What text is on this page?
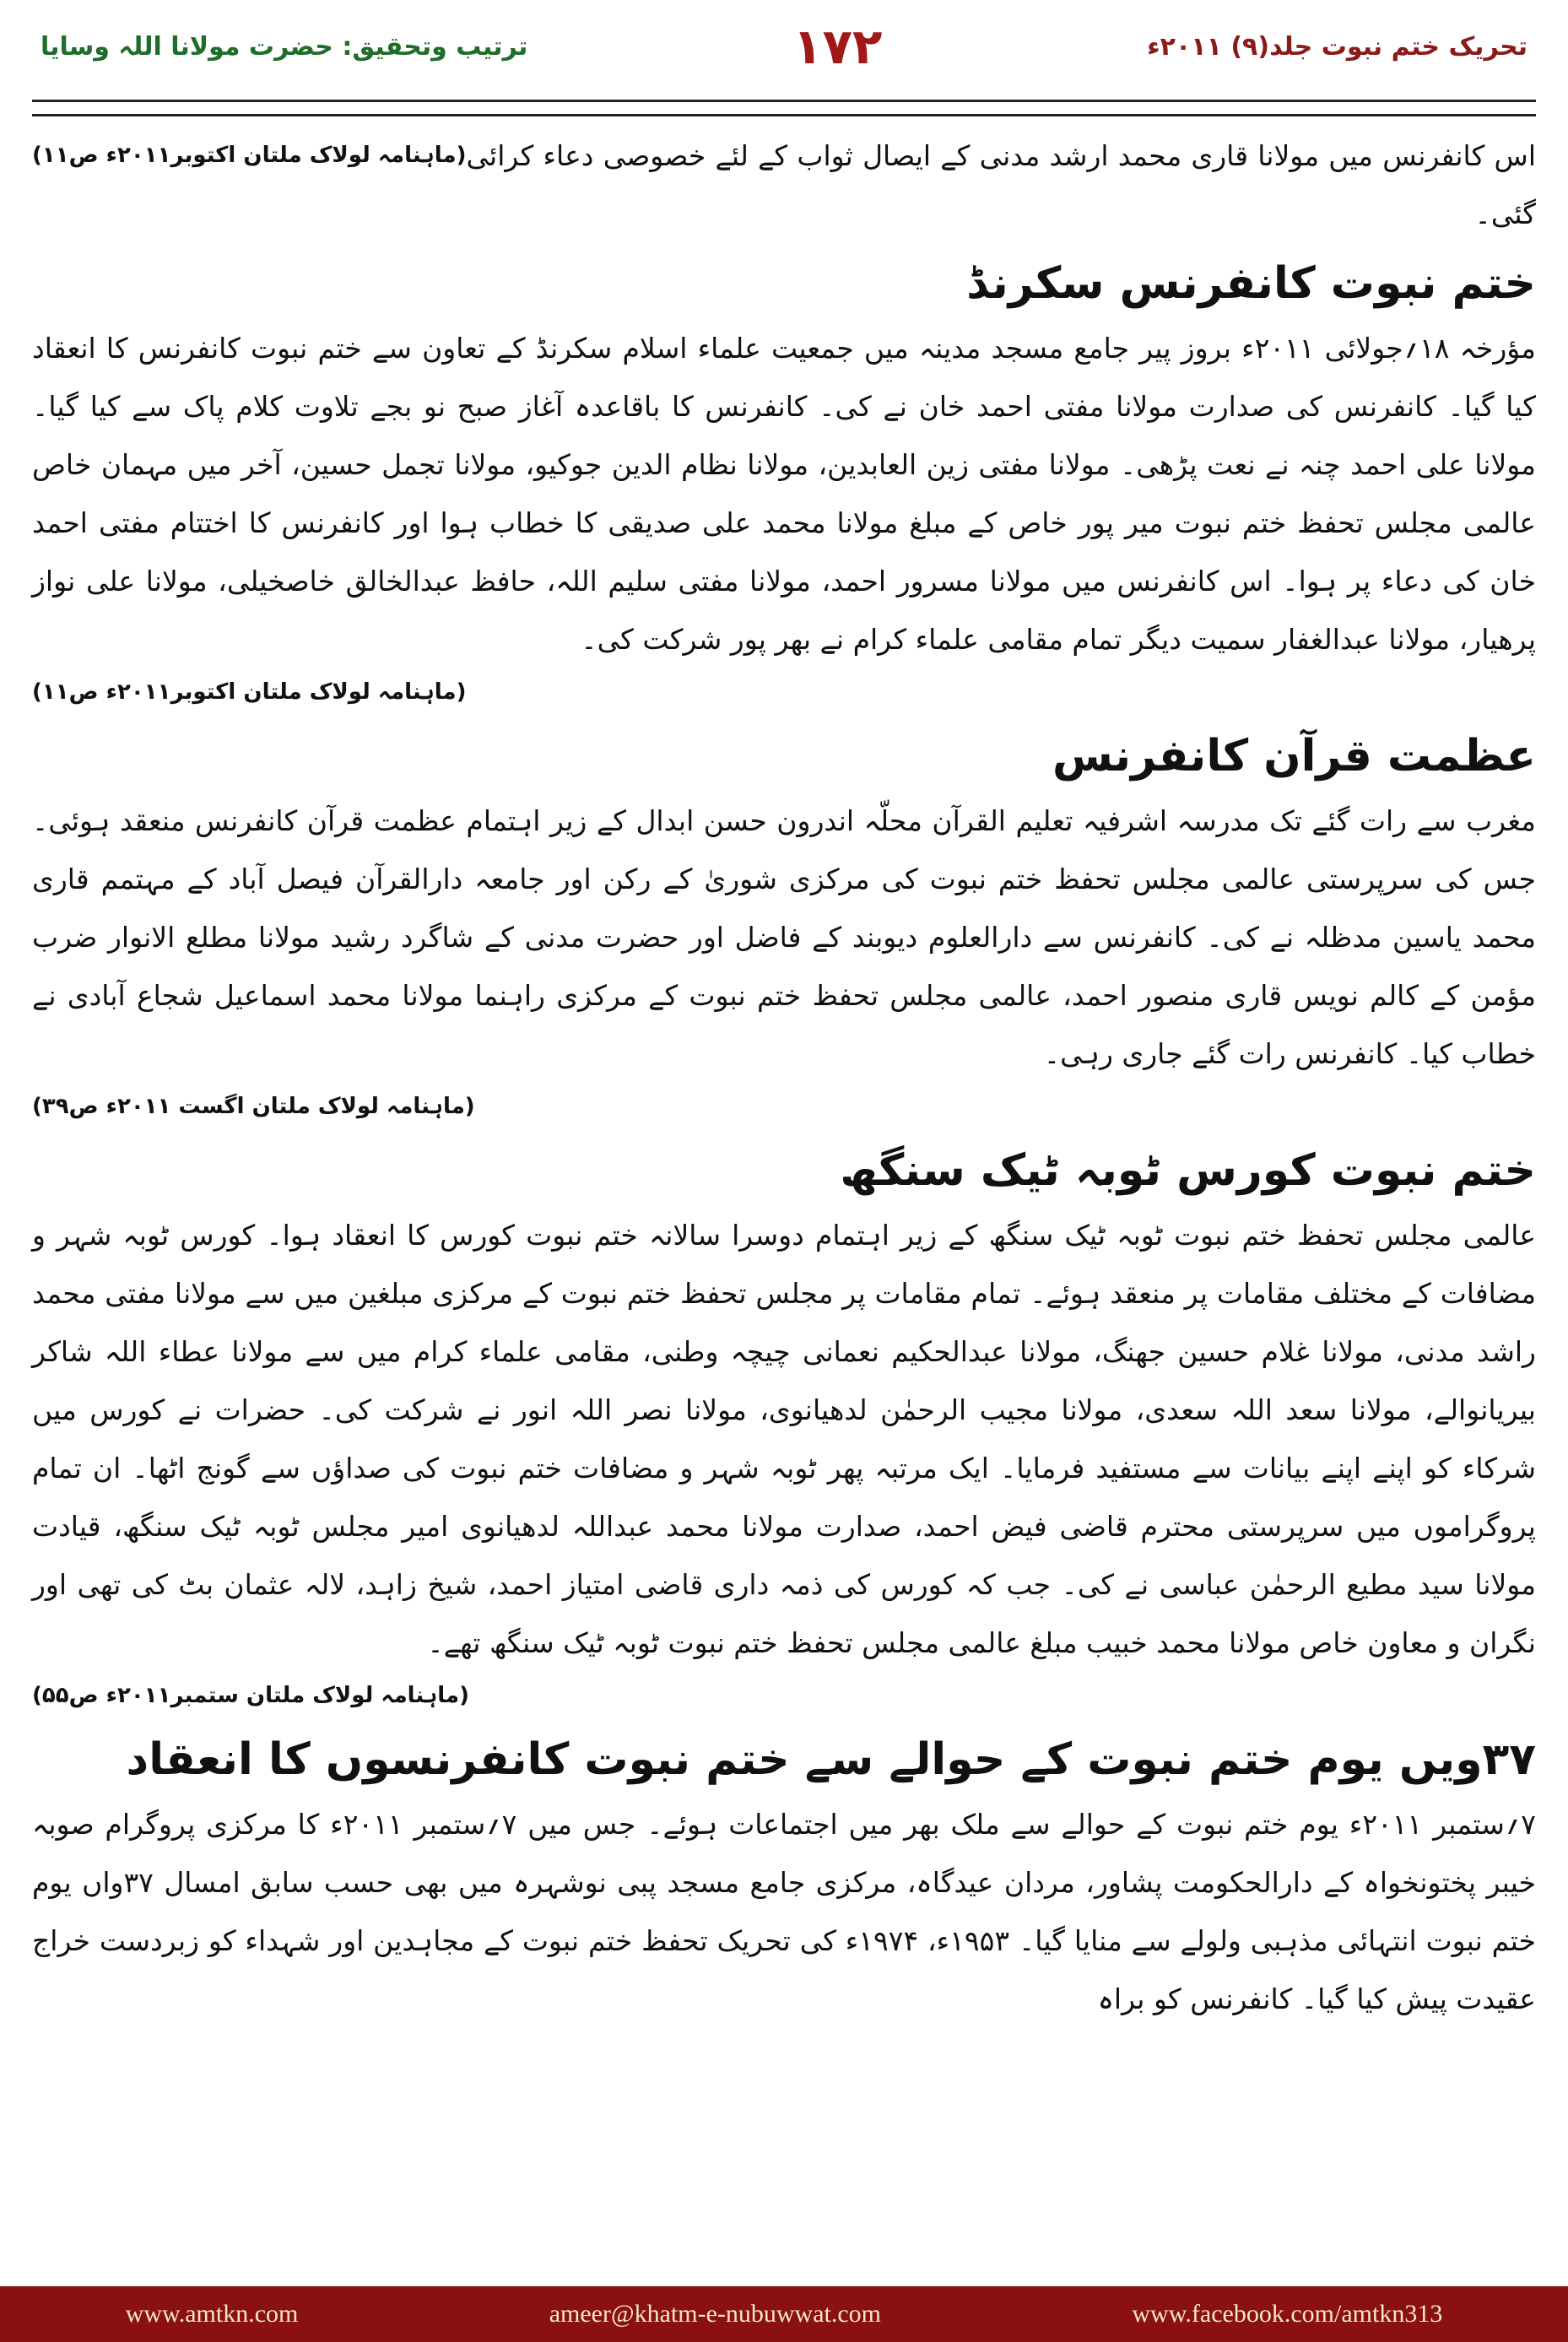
تحریک ختم نبوت جلد(۹) ۲۰۱۱ء
۱۷۲
ترتیب وتحقیق: حضرت مولانا اللہ وسایا

(ماہنامہ لولاک ملتان اکتوبر۲۰۱۱ء ص۱۱) اس کانفرنس میں مولانا قاری محمد ارشد مدنی کے ایصال ثواب کے لئے خصوصی دعاء کرائی گئی۔

ختم نبوت کانفرنس سکرنڈ

مؤرخہ ۱۸؍جولائی ۲۰۱۱ء بروز پیر جامع مسجد مدینہ میں جمعیت علماء اسلام سکرنڈ کے تعاون سے ختم نبوت کانفرنس کا انعقاد کیا گیا۔ کانفرنس کی صدارت مولانا مفتی احمد خان نے کی۔ کانفرنس کا باقاعدہ آغاز صبح نو بجے تلاوت کلام پاک سے کیا گیا۔ مولانا علی احمد چنہ نے نعت پڑھی۔ مولانا مفتی زین العابدین، مولانا نظام الدین جوکیو، مولانا تجمل حسین، آخر میں مہمان خاص عالمی مجلس تحفظ ختم نبوت میر پور خاص کے مبلغ مولانا محمد علی صدیقی کا خطاب ہوا اور کانفرنس کا اختتام مفتی احمد خان کی دعاء پر ہوا۔ اس کانفرنس میں مولانا مسرور احمد، مولانا مفتی سلیم اللہ، حافظ عبدالخالق خاصخیلی، مولانا علی نواز پرھیار، مولانا عبدالغفار سمیت دیگر تمام مقامی علماء کرام نے بھر پور شرکت کی۔

(ماہنامہ لولاک ملتان اکتوبر۲۰۱۱ء ص۱۱)

عظمت قرآن کانفرنس

مغرب سے رات گئے تک مدرسہ اشرفیہ تعلیم القرآن محلّہ اندرون حسن ابدال کے زیر اہتمام عظمت قرآن کانفرنس منعقد ہوئی۔ جس کی سرپرستی عالمی مجلس تحفظ ختم نبوت کی مرکزی شوریٰ کے رکن اور جامعہ دارالقرآن فیصل آباد کے مہتمم قاری محمد یاسین مدظلہ نے کی۔ کانفرنس سے دارالعلوم دیوبند کے فاضل اور حضرت مدنی کے شاگرد رشید مولانا مطلع الانوار ضرب مؤمن کے کالم نویس قاری منصور احمد، عالمی مجلس تحفظ ختم نبوت کے مرکزی راہنما مولانا محمد اسماعیل شجاع آبادی نے خطاب کیا۔ کانفرنس رات گئے جاری رہی۔

(ماہنامہ لولاک ملتان اگست ۲۰۱۱ء ص۳۹)

ختم نبوت کورس ٹوبہ ٹیک سنگھ

عالمی مجلس تحفظ ختم نبوت ٹوبہ ٹیک سنگھ کے زیر اہتمام دوسرا سالانہ ختم نبوت کورس کا انعقاد ہوا۔ کورس ٹوبہ شہر و مضافات کے مختلف مقامات پر منعقد ہوئے۔ تمام مقامات پر مجلس تحفظ ختم نبوت کے مرکزی مبلغین میں سے مولانا مفتی محمد راشد مدنی، مولانا غلام حسین جھنگ، مولانا عبدالحکیم نعمانی چیچہ وطنی، مقامی علماء کرام میں سے مولانا عطاء اللہ شاکر بیریانوالے، مولانا سعد اللہ سعدی، مولانا مجیب الرحمٰن لدھیانوی، مولانا نصر اللہ انور نے شرکت کی۔ حضرات نے کورس میں شرکاء کو اپنے اپنے بیانات سے مستفید فرمایا۔ ایک مرتبہ پھر ٹوبہ شہر و مضافات ختم نبوت کی صداؤں سے گونج اٹھا۔ ان تمام پروگراموں میں سرپرستی محترم قاضی فیض احمد، صدارت مولانا محمد عبداللہ لدھیانوی امیر مجلس ٹوبہ ٹیک سنگھ، قیادت مولانا سید مطیع الرحمٰن عباسی نے کی۔ جب کہ کورس کی ذمہ داری قاضی امتیاز احمد، شیخ زاہد، لالہ عثمان بٹ کی تھی اور نگران و معاون خاص مولانا محمد خبیب مبلغ عالمی مجلس تحفظ ختم نبوت ٹوبہ ٹیک سنگھ تھے۔

(ماہنامہ لولاک ملتان ستمبر۲۰۱۱ء ص۵۵)

۳۷ویں یوم ختم نبوت کے حوالے سے ختم نبوت کانفرنسوں کا انعقاد

۷؍ستمبر ۲۰۱۱ء یوم ختم نبوت کے حوالے سے ملک بھر میں اجتماعات ہوئے۔ جس میں ۷؍ستمبر ۲۰۱۱ء کا مرکزی پروگرام صوبہ خیبر پختونخواہ کے دارالحکومت پشاور، مردان عیدگاہ، مرکزی جامع مسجد پبی نوشہرہ میں بھی حسب سابق امسال ۳۷واں یوم ختم نبوت انتہائی مذہبی ولولے سے منایا گیا۔ ۱۹۵۳ء، ۱۹۷۴ء کی تحریک تحفظ ختم نبوت کے مجاہدین اور شہداء کو زبردست خراج عقیدت پیش کیا گیا۔ کانفرنس کو براہ

www.amtkn.com	ameer@khatm-e-nubuwwat.com	www.facebook.com/amtkn313
